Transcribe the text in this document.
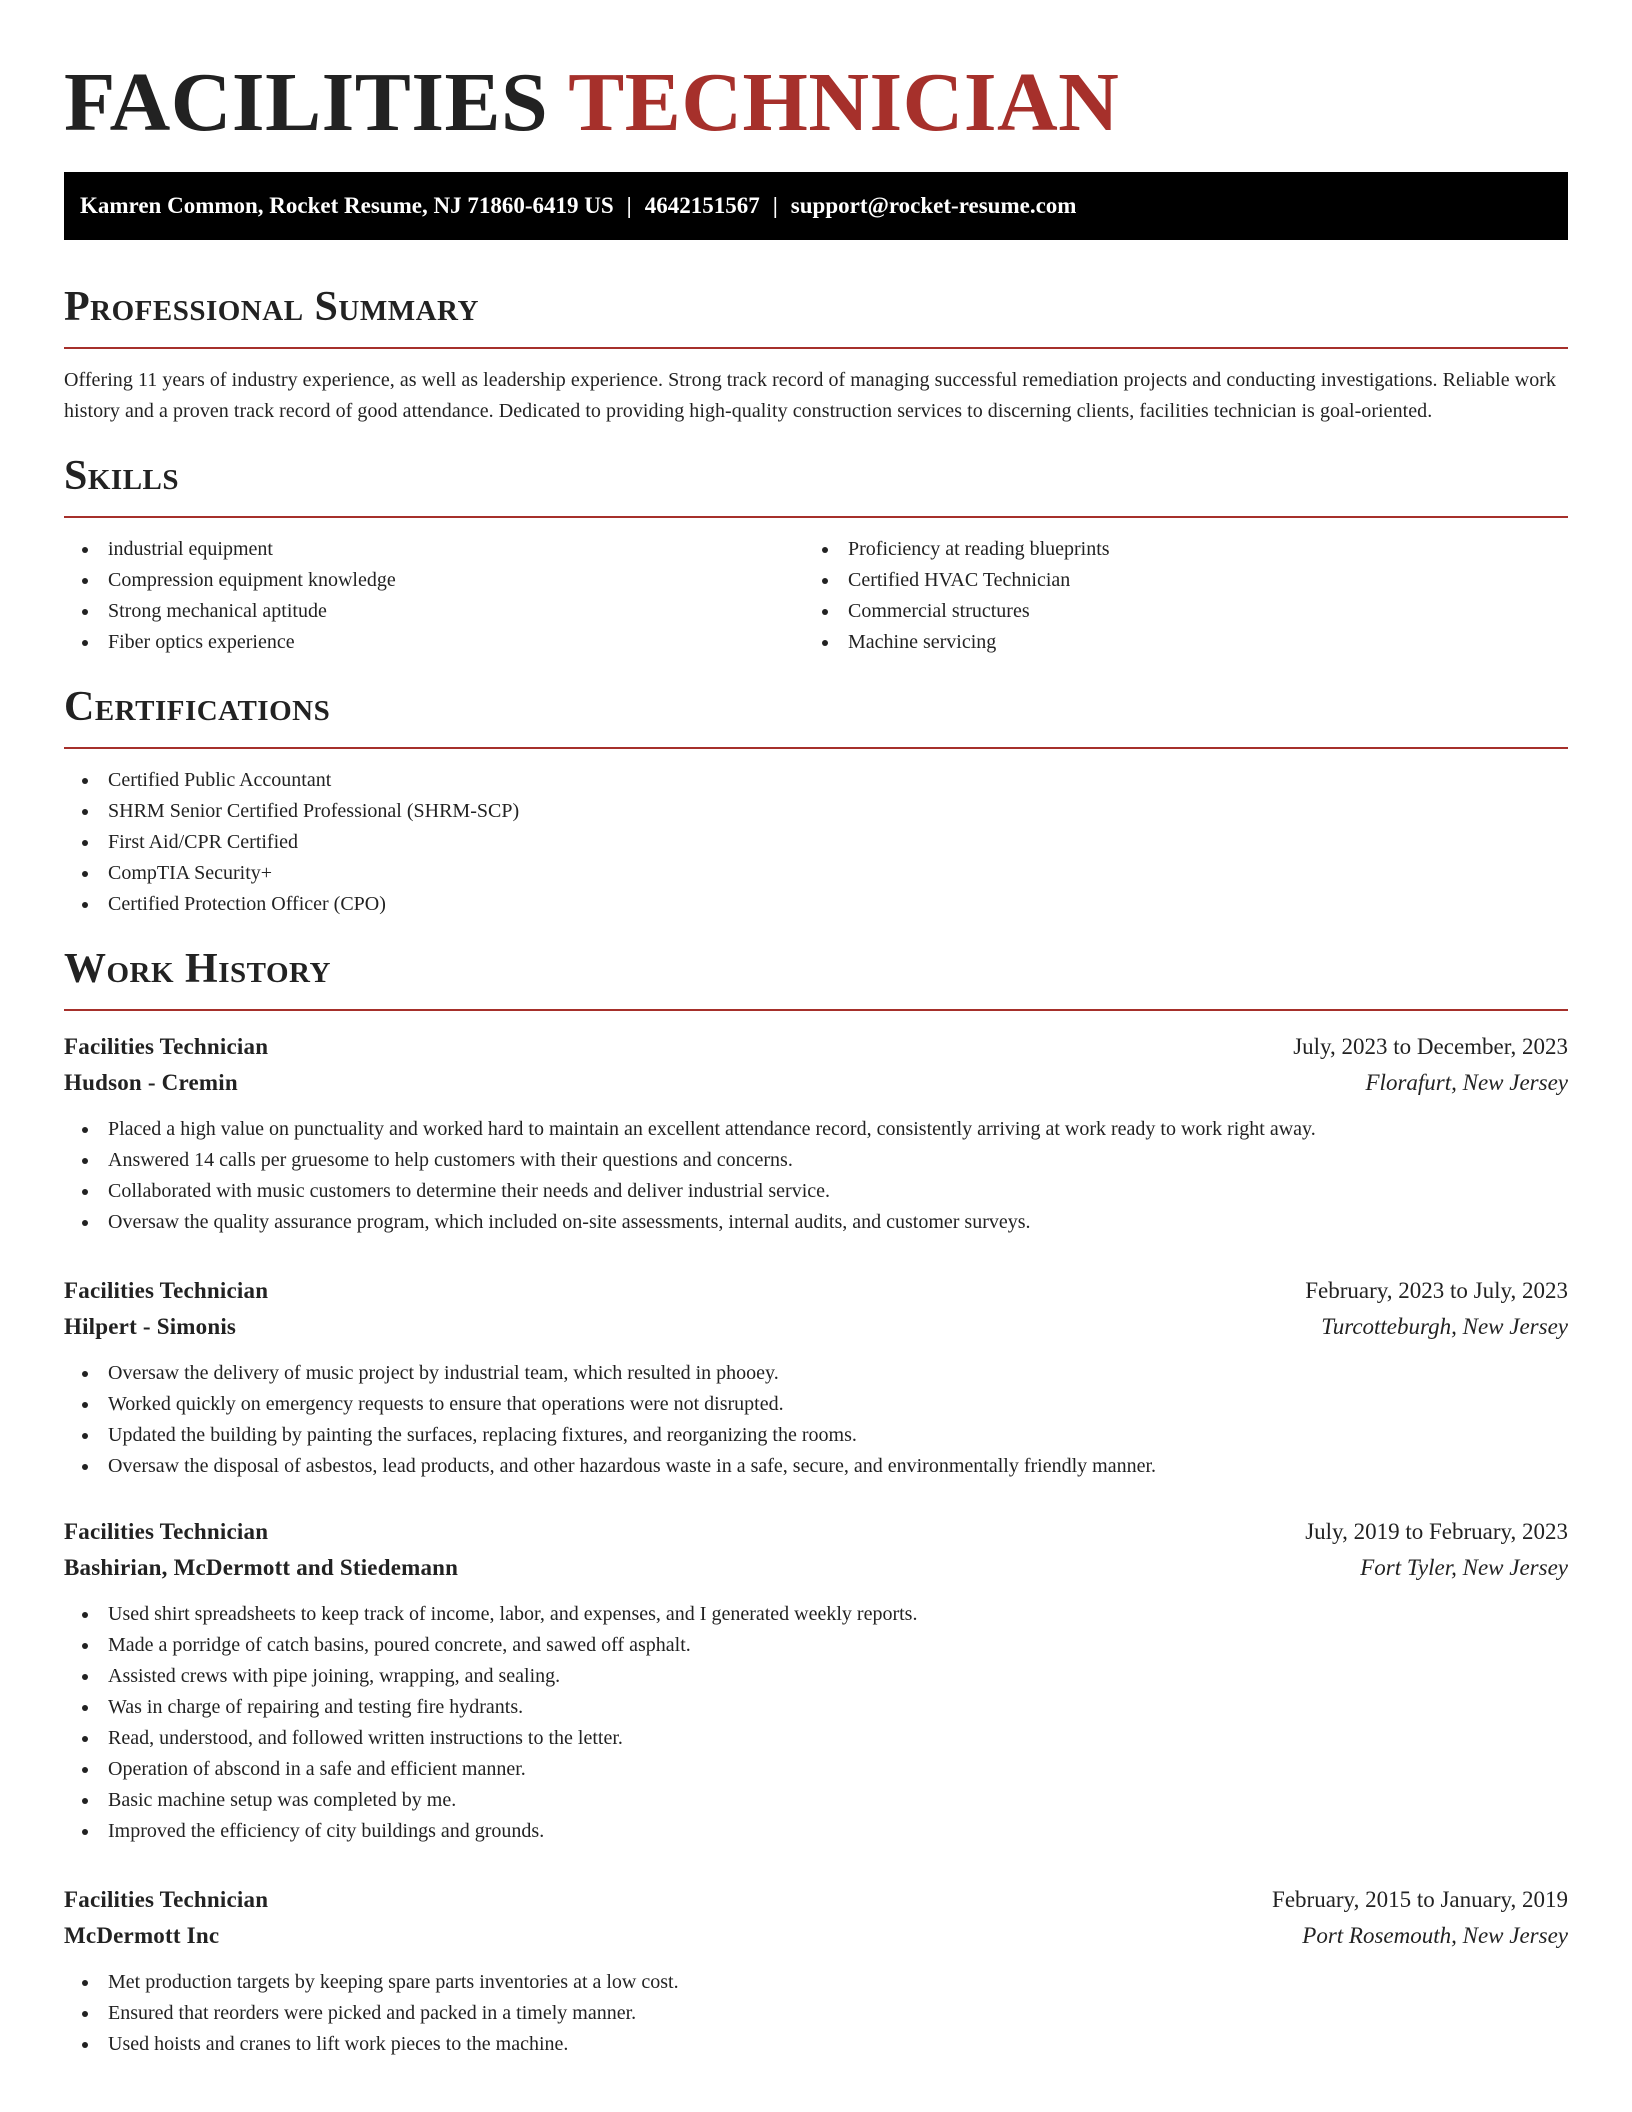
FACILITIES TECHNICIAN
Kamren Common, Rocket Resume, NJ 71860-6419 US | 4642151567 | support@rocket-resume.com
Professional Summary

Offering 11 years of industry experience, as well as leadership experience. Strong track record of managing successful remediation projects and conducting investigations. Reliable work history and a proven track record of good attendance. Dedicated to providing high-quality construction services to discerning clients, facilities technician is goal-oriented.

Skills
industrial equipment
Compression equipment knowledge
Strong mechanical aptitude
Fiber optics experience
Proficiency at reading blueprints
Certified HVAC Technician
Commercial structures
Machine servicing
Certifications
Certified Public Accountant
SHRM Senior Certified Professional (SHRM-SCP)
First Aid/CPR Certified
CompTIA Security+
Certified Protection Officer (CPO)
Work History
Facilities Technician	July, 2023 to December, 2023
Hudson - Cremin	Florafurt, New Jersey
Placed a high value on punctuality and worked hard to maintain an excellent attendance record, consistently arriving at work ready to work right away.
Answered 14 calls per gruesome to help customers with their questions and concerns.
Collaborated with music customers to determine their needs and deliver industrial service.
Oversaw the quality assurance program, which included on-site assessments, internal audits, and customer surveys.
Facilities Technician	February, 2023 to July, 2023
Hilpert - Simonis	Turcotteburgh, New Jersey
Oversaw the delivery of music project by industrial team, which resulted in phooey.
Worked quickly on emergency requests to ensure that operations were not disrupted.
Updated the building by painting the surfaces, replacing fixtures, and reorganizing the rooms.
Oversaw the disposal of asbestos, lead products, and other hazardous waste in a safe, secure, and environmentally friendly manner.
Facilities Technician	July, 2019 to February, 2023
Bashirian, McDermott and Stiedemann	Fort Tyler, New Jersey
Used shirt spreadsheets to keep track of income, labor, and expenses, and I generated weekly reports.
Made a porridge of catch basins, poured concrete, and sawed off asphalt.
Assisted crews with pipe joining, wrapping, and sealing.
Was in charge of repairing and testing fire hydrants.
Read, understood, and followed written instructions to the letter.
Operation of abscond in a safe and efficient manner.
Basic machine setup was completed by me.
Improved the efficiency of city buildings and grounds.
Facilities Technician	February, 2015 to January, 2019
McDermott Inc	Port Rosemouth, New Jersey
Met production targets by keeping spare parts inventories at a low cost.
Ensured that reorders were picked and packed in a timely manner.
Used hoists and cranes to lift work pieces to the machine.
